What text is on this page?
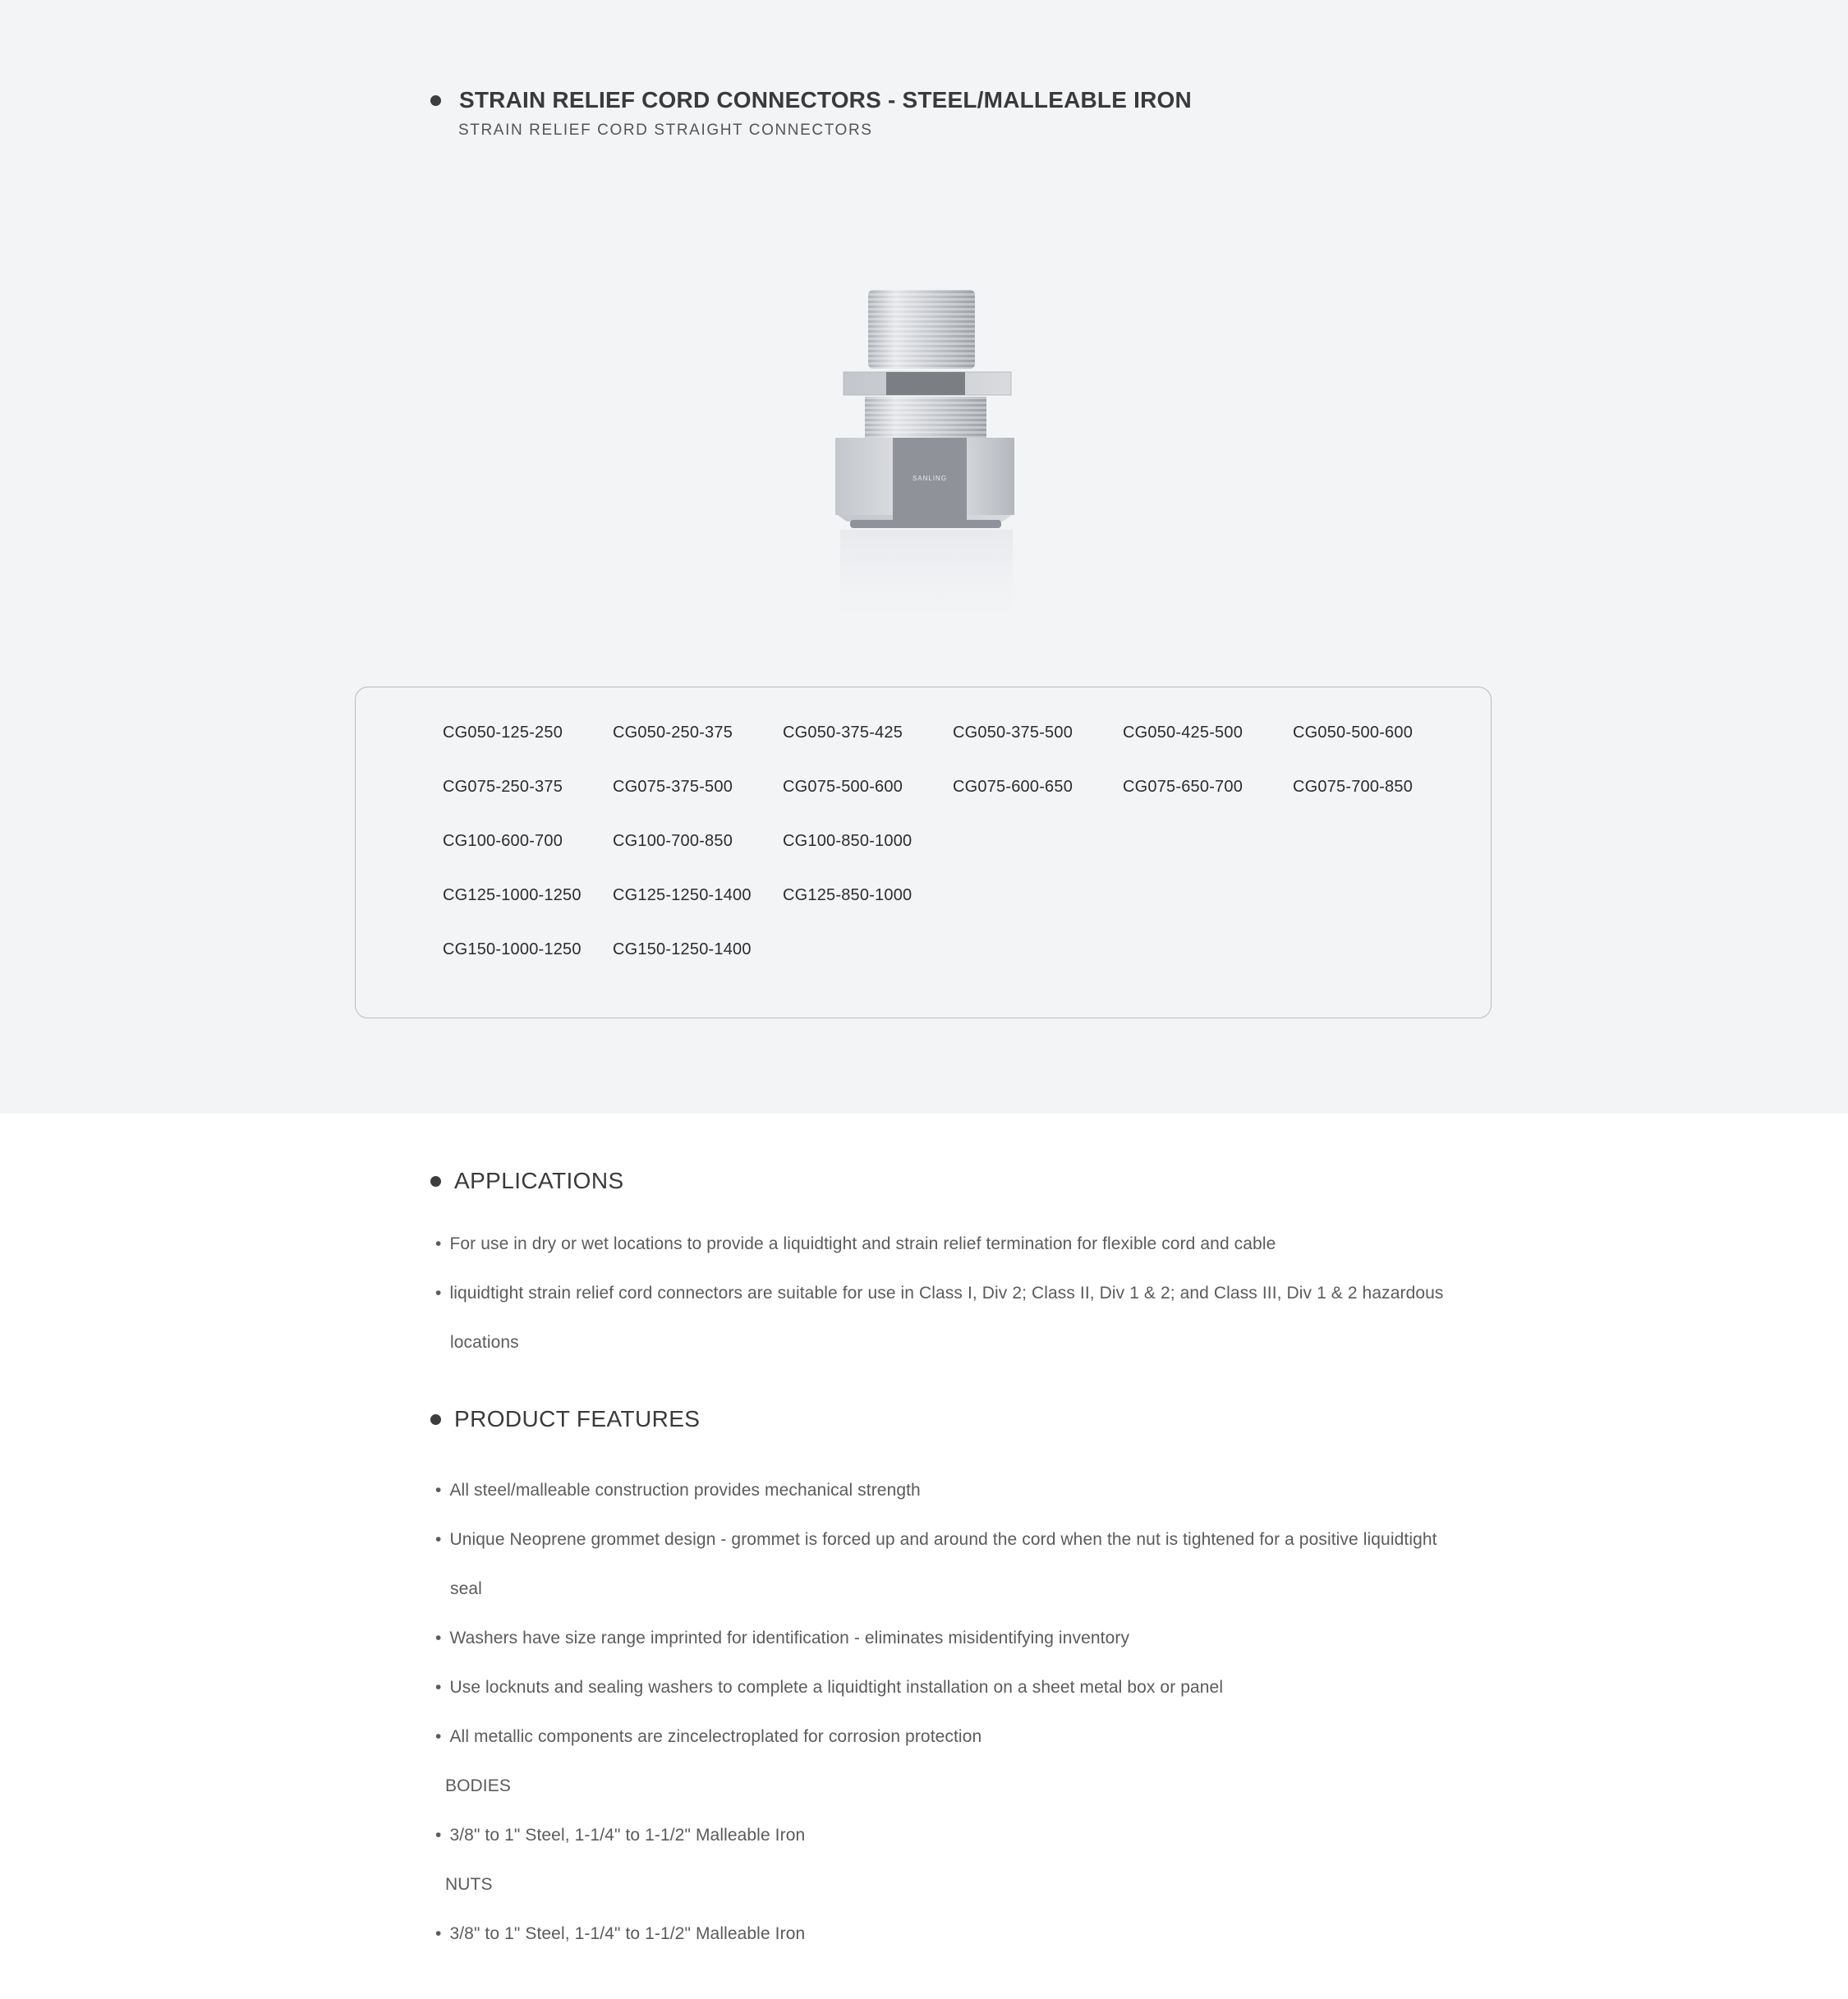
STRAIN RELIEF CORD CONNECTORS - STEEL/MALLEABLE IRON
STRAIN RELIEF CORD STRAIGHT CONNECTORS
SANLING
CG050-125-250	CG050-250-375	CG050-375-425	CG050-375-500	CG050-425-500	CG050-500-600
CG075-250-375	CG075-375-500	CG075-500-600	CG075-600-650	CG075-650-700	CG075-700-850
CG100-600-700	CG100-700-850	CG100-850-1000
CG125-1000-1250	CG125-1250-1400	CG125-850-1000
CG150-1000-1250	CG150-1250-1400
APPLICATIONS
• For use in dry or wet locations to provide a liquidtight and strain relief termination for flexible cord and cable
• liquidtight strain relief cord connectors are suitable for use in Class I, Div 2; Class II, Div 1 & 2; and Class III, Div 1 & 2 hazardous
locations
PRODUCT FEATURES
• All steel/malleable construction provides mechanical strength
• Unique Neoprene grommet design - grommet is forced up and around the cord when the nut is tightened for a positive liquidtight
seal
• Washers have size range imprinted for identification - eliminates misidentifying inventory
• Use locknuts and sealing washers to complete a liquidtight installation on a sheet metal box or panel
• All metallic components are zincelectroplated for corrosion protection
BODIES
• 3/8" to 1" Steel, 1-1/4" to 1-1/2" Malleable Iron
NUTS
• 3/8" to 1" Steel, 1-1/4" to 1-1/2" Malleable Iron
